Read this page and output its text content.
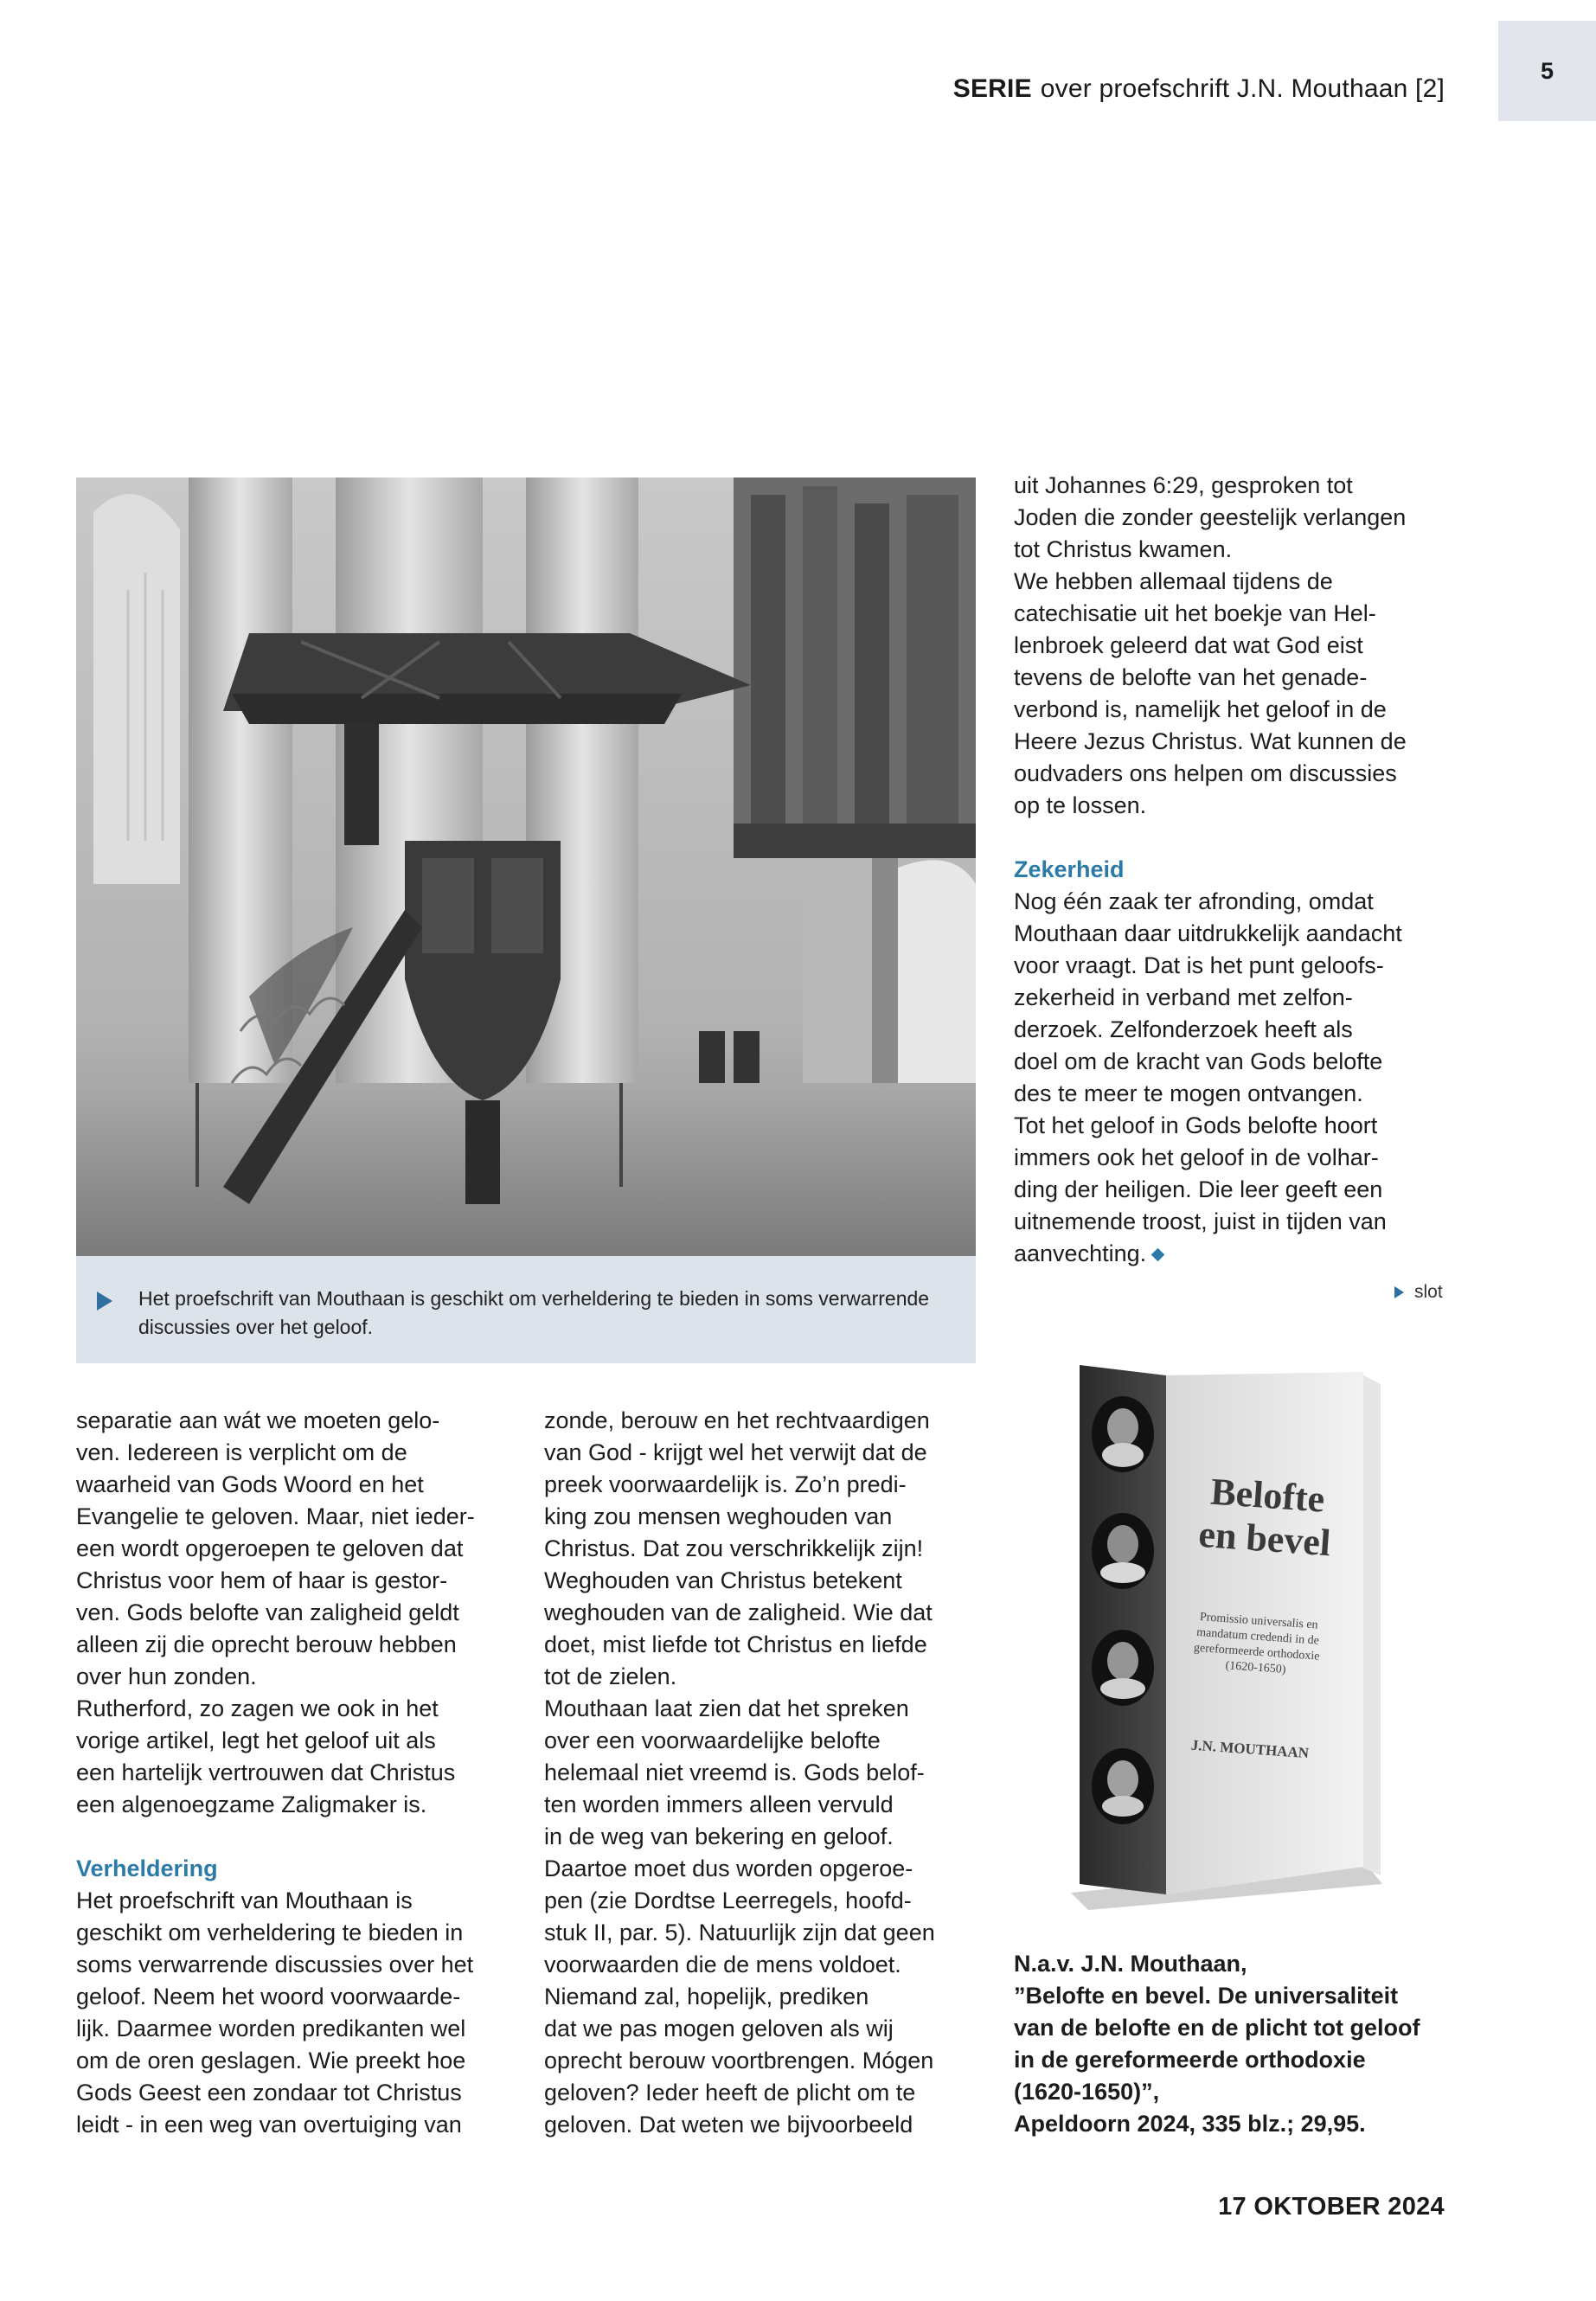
5
SERIE over proefschrift J.N. Mouthaan [2]
Het proefschrift van Mouthaan is geschikt om verheldering te bieden in soms verwarrende discussies over het geloof.

uit Johannes 6:29, gesproken tot

Joden die zonder geestelijk verlangen

tot Christus kwamen.

We hebben allemaal tijdens de

catechisatie uit het boekje van Hel-

lenbroek geleerd dat wat God eist

tevens de belofte van het genade-

verbond is, namelijk het geloof in de

Heere Jezus Christus. Wat kunnen de

oudvaders ons helpen om discussies

op te lossen.

Zekerheid

Nog één zaak ter afronding, omdat

Mouthaan daar uitdrukkelijk aandacht

voor vraagt. Dat is het punt geloofs-

zekerheid in verband met zelfon-

derzoek. Zelfonderzoek heeft als

doel om de kracht van Gods belofte

des te meer te mogen ontvangen.

Tot het geloof in Gods belofte hoort

immers ook het geloof in de volhar-

ding der heiligen. Die leer geeft een

uitnemende troost, juist in tijden van

aanvechting.

slot

separatie aan wát we moeten gelo-

ven. Iedereen is verplicht om de

waarheid van Gods Woord en het

Evangelie te geloven. Maar, niet ieder-

een wordt opgeroepen te geloven dat

Christus voor hem of haar is gestor-

ven. Gods belofte van zaligheid geldt

alleen zij die oprecht berouw hebben

over hun zonden.

Rutherford, zo zagen we ook in het

vorige artikel, legt het geloof uit als

een hartelijk vertrouwen dat Christus

een algenoegzame Zaligmaker is.

Verheldering

Het proefschrift van Mouthaan is

geschikt om verheldering te bieden in

soms verwarrende discussies over het

geloof. Neem het woord voorwaarde-

lijk. Daarmee worden predikanten wel

om de oren geslagen. Wie preekt hoe

Gods Geest een zondaar tot Christus

leidt - in een weg van overtuiging van

zonde, berouw en het rechtvaardigen

van God - krijgt wel het verwijt dat de

preek voorwaardelijk is. Zo’n predi-

king zou mensen weghouden van

Christus. Dat zou verschrikkelijk zijn!

Weghouden van Christus betekent

weghouden van de zaligheid. Wie dat

doet, mist liefde tot Christus en liefde

tot de zielen.

Mouthaan laat zien dat het spreken

over een voorwaardelijke belofte

helemaal niet vreemd is. Gods belof-

ten worden immers alleen vervuld

in de weg van bekering en geloof.

Daartoe moet dus worden opgeroe-

pen (zie Dordtse Leerregels, hoofd-

stuk II, par. 5). Natuurlijk zijn dat geen

voorwaarden die de mens voldoet.

Niemand zal, hopelijk, prediken

dat we pas mogen geloven als wij

oprecht berouw voortbrengen. Mógen

geloven? Ieder heeft de plicht om te

geloven. Dat weten we bijvoorbeeld

Belofte
en bevel
Promissio universalis en
mandatum credendi in de
gereformeerde orthodoxie
(1620-1650)
J.N. MOUTHAAN

N.a.v. J.N. Mouthaan,

”Belofte en bevel. De universaliteit

van de belofte en de plicht tot geloof

in de gereformeerde orthodoxie

(1620-1650)”,

Apeldoorn 2024, 335 blz.; 29,95.

17 OKTOBER 2024
